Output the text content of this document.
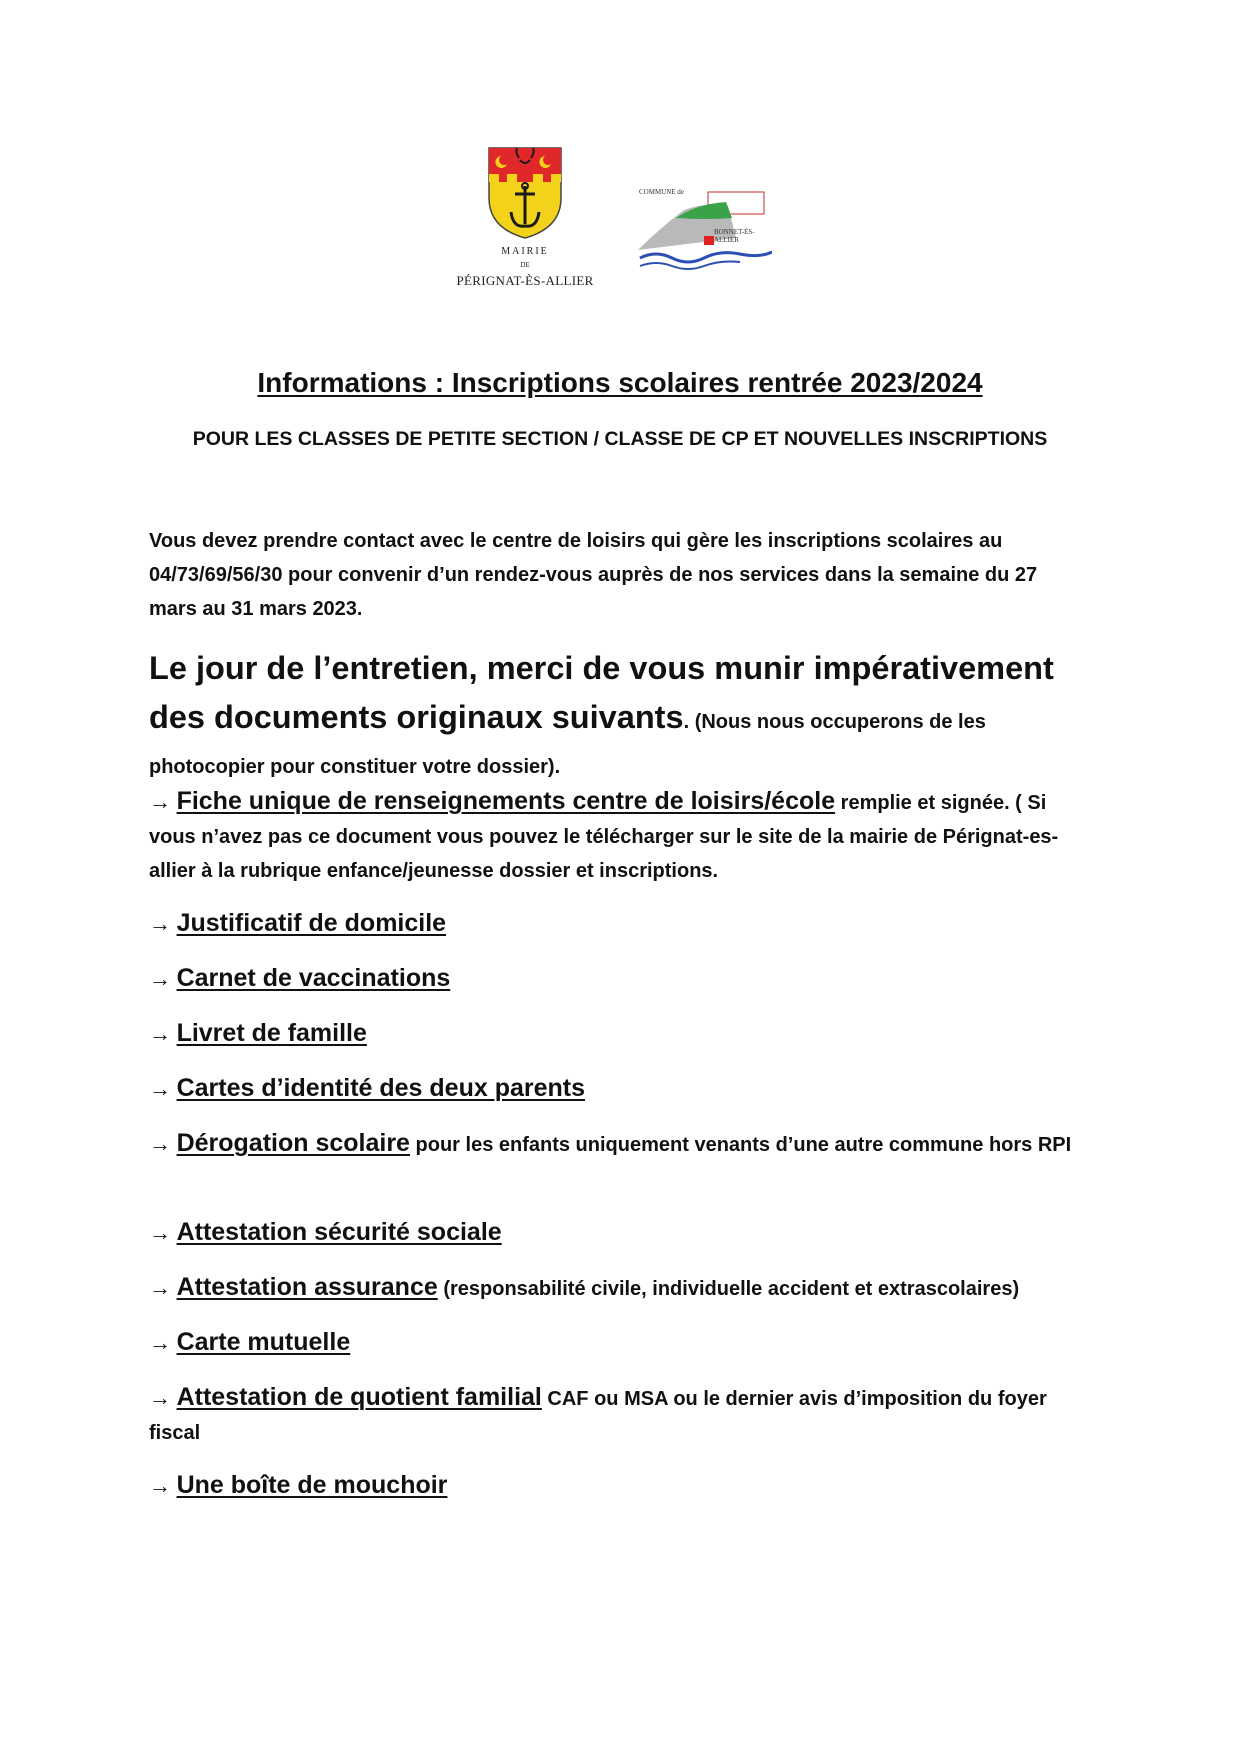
MAIRIE
DE
PÉRIGNAT-ÈS-ALLIER
COMMUNE de
BONNET-ÈS-ALLIER
Informations : Inscriptions scolaires rentrée 2023/2024
POUR LES CLASSES DE PETITE SECTION / CLASSE DE CP ET NOUVELLES INSCRIPTIONS
Vous devez prendre contact avec le centre de loisirs qui gère les inscriptions scolaires au 04/73/69/56/30 pour convenir d’un rendez-vous auprès de nos services dans la semaine du 27 mars au 31 mars 2023.
Le jour de l’entretien, merci de vous munir impérativement des documents originaux suivants. (Nous nous occuperons de les
photocopier pour constituer votre dossier).
→ Fiche unique de renseignements centre de loisirs/école remplie et signée. ( Si vous n’avez pas ce document vous pouvez le télécharger sur le site de la mairie de Pérignat-es-allier à la rubrique enfance/jeunesse dossier et inscriptions.
→ Justificatif de domicile
→ Carnet de vaccinations
→ Livret de famille
→ Cartes d’identité des deux parents
→ Dérogation scolaire pour les enfants uniquement venants d’une autre commune hors RPI
→ Attestation sécurité sociale
→ Attestation assurance (responsabilité civile, individuelle accident et extrascolaires)
→ Carte mutuelle
→ Attestation de quotient familial CAF ou MSA ou le dernier avis d’imposition du foyer fiscal
→ Une boîte de mouchoir
